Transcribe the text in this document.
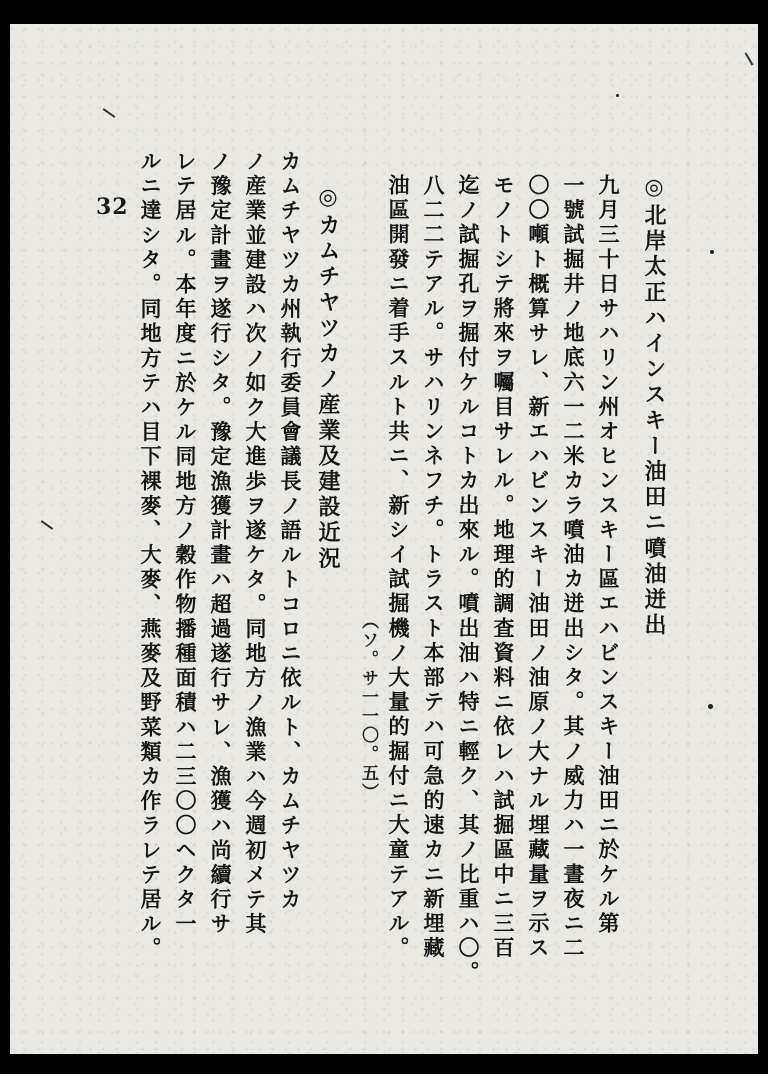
32	◎北岸太正ハインスキー油田ニ噴油迸出
九月三十日サハリン州オヒンスキー區エハビンスキー油田ニ於ケル第
一號試掘井ノ地底六一二米カラ噴油カ迸出シタ。其ノ威力ハ一晝夜ニ二
〇〇噸ト概算サレ、新エハビンスキー油田ノ油原ノ大ナル埋藏量ヲ示ス
モノトシテ將來ヲ囑目サレル。地理的調査資料ニ依レハ試掘區中ニ三百
迄ノ試掘孔ヲ掘付ケルコトカ出來ル。噴出油ハ特ニ輕ク、其ノ比重ハ〇。
八二二テアル。サハリンネフチ。トラスト本部テハ可急的速カニ新埋藏
油區開發ニ着手スルト共ニ、新シイ試掘機ノ大量的掘付ニ大童テアル。
（ソ。サ一一〇。五）
◎カムチヤツカノ産業及建設近況
カムチヤツカ州執行委員會議長ノ語ルトコロニ依ルト、カムチヤツカ
ノ産業並建設ハ次ノ如ク大進歩ヲ遂ケタ。同地方ノ漁業ハ今週初メテ其
ノ豫定計畫ヲ遂行シタ。豫定漁獲計畫ハ超過遂行サレ、漁獲ハ尚續行サ
レテ居ル。本年度ニ於ケル同地方ノ穀作物播種面積ハ二三〇〇ヘクタ一
ルニ達シタ。同地方テハ目下裸麥、大麥、燕麥及野菜類カ作ラレテ居ル。
